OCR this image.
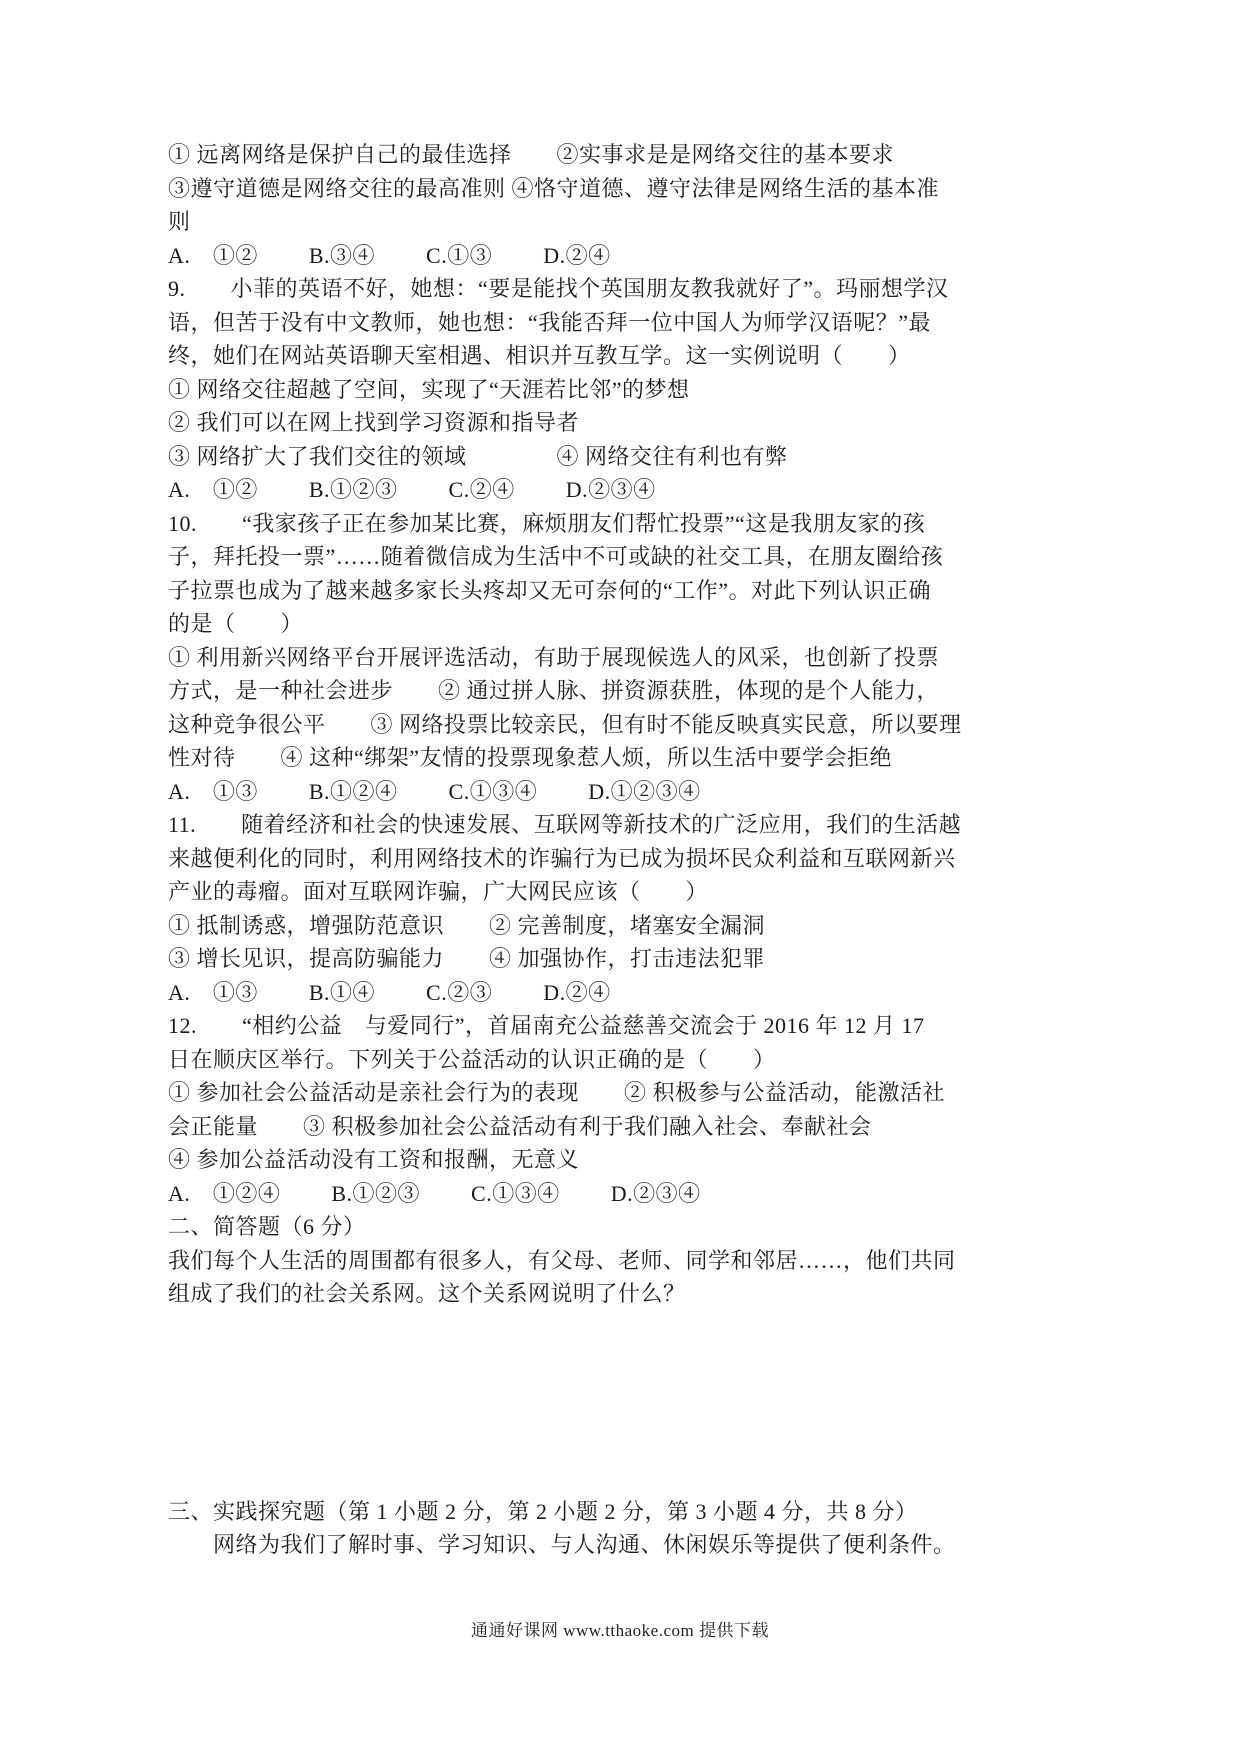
① 远离网络是保护自己的最佳选择　　②实事求是是网络交往的基本要求
③遵守道德是网络交往的最高准则 ④恪守道德、遵守法律是网络生活的基本准
则
A.　①②　　 B.③④　　 C.①③　　 D.②④
9.　　小菲的英语不好，她想：“要是能找个英国朋友教我就好了”。玛丽想学汉
语，但苦于没有中文教师，她也想：“我能否拜一位中国人为师学汉语呢？”最
终，她们在网站英语聊天室相遇、相识并互教互学。这一实例说明（　　）
① 网络交往超越了空间，实现了“天涯若比邻”的梦想
② 我们可以在网上找到学习资源和指导者
③ 网络扩大了我们交往的领域　　　　④ 网络交往有利也有弊
A.　①②　　 B.①②③　　 C.②④　　 D.②③④
10.　　“我家孩子正在参加某比赛，麻烦朋友们帮忙投票”“这是我朋友家的孩
子，拜托投一票”……随着微信成为生活中不可或缺的社交工具，在朋友圈给孩
子拉票也成为了越来越多家长头疼却又无可奈何的“工作”。对此下列认识正确
的是（　　）
① 利用新兴网络平台开展评选活动，有助于展现候选人的风采，也创新了投票
方式，是一种社会进步　　② 通过拼人脉、拼资源获胜，体现的是个人能力，
这种竞争很公平　　③ 网络投票比较亲民，但有时不能反映真实民意，所以要理
性对待　　④ 这种“绑架”友情的投票现象惹人烦，所以生活中要学会拒绝
A.　①③　　 B.①②④　　 C.①③④　　 D.①②③④
11.　　随着经济和社会的快速发展、互联网等新技术的广泛应用，我们的生活越
来越便利化的同时，利用网络技术的诈骗行为已成为损坏民众利益和互联网新兴
产业的毒瘤。面对互联网诈骗，广大网民应该（　　）
① 抵制诱惑，增强防范意识　　② 完善制度，堵塞安全漏洞
③ 增长见识，提高防骗能力　　④ 加强协作，打击违法犯罪
A.　①③　　 B.①④　　 C.②③　　 D.②④
12.　　“相约公益　与爱同行”，首届南充公益慈善交流会于 2016 年 12 月 17
日在顺庆区举行。下列关于公益活动的认识正确的是（　　）
① 参加社会公益活动是亲社会行为的表现　　② 积极参与公益活动，能激活社
会正能量　　③ 积极参加社会公益活动有利于我们融入社会、奉献社会
④ 参加公益活动没有工资和报酬，无意义
A.　①②④　　 B.①②③　　 C.①③④　　 D.②③④
二、简答题（6 分）
我们每个人生活的周围都有很多人，有父母、老师、同学和邻居……，他们共同
组成了我们的社会关系网。这个关系网说明了什么？
三、实践探究题（第 1 小题 2 分，第 2 小题 2 分，第 3 小题 4 分，共 8 分）
　　网络为我们了解时事、学习知识、与人沟通、休闲娱乐等提供了便利条件。
通通好课网 www.tthaoke.com 提供下载
